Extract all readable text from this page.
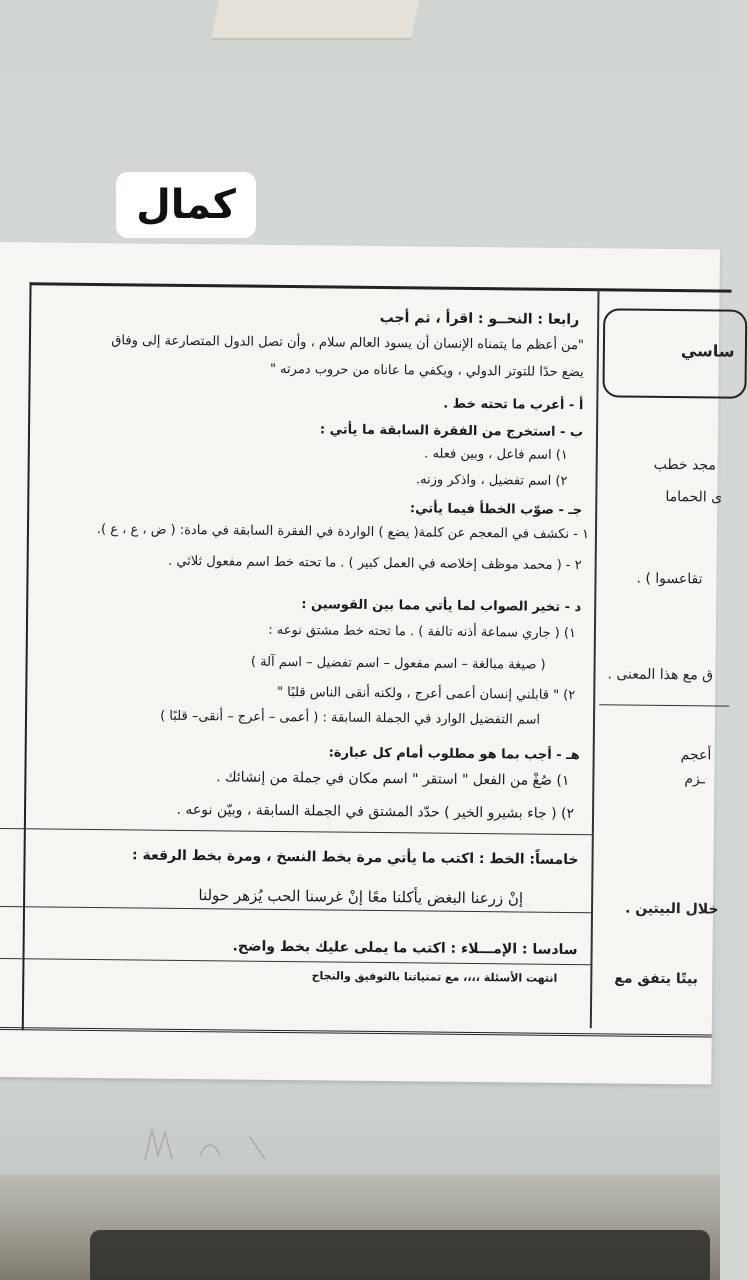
كمال
ساسي
مجد خطب
ى الحماما
تقاعسوا ) .
ق مع هذا المعنى .
أعجم
ـزم
خلال البيتين .
بيتًا يتفق مع
رابعا : النحــو : اقرأ ، ثم أجب
"من أعظم ما يتمناه الإنسان أن يسود العالم سلام ، وأن تصل الدول المتصارعة إلى وفاق
يضع حدًا للتوتر الدولي ، ويكفي ما عاناه من حروب دمرته "
أ - أعرب ما تحته خط .
ب - استخرج من الفقرة السابقة ما يأتي :
١) اسم فاعل ، وبين فعله .
٢) اسم تفضيل ، واذكر وزنه.
جـ - صوّب الخطأ فيما يأتي:
١ - نكشف في المعجم عن كلمة( يضع ) الواردة في الفقرة السابقة في مادة: ( ض ، ع ، ع ).
٢ - ( محمد موظف إخلاصه في العمل كبير ) . ما تحته خط اسم مفعول ثلاثي .
د - تخير الصواب لما يأتي مما بين القوسين :
١) ( جاري سماعة أذنه تالفة ) . ما تحته خط مشتق نوعه :
( صيغة مبالغة – اسم مفعول – اسم تفضيل – اسم آلة )
٢) " قابلني إنسان أعمى أعرج ، ولكنه أنقى الناس قلبًا "
اسم التفضيل الوارد في الجملة السابقة : ( أعمى – أعرج – أنقى– قلبًا )
هـ - أجب بما هو مطلوب أمام كل عبارة:
١) صُغْ من الفعل " استقر " اسم مكان في جملة من إنشائك .
٢) ( جاء بشيرو الخير ) حدّد المشتق في الجملة السابقة ، وبيّن نوعه .
خامساً: الخط : اكتب ما يأتي مرة بخط النسخ ، ومرة بخط الرقعة :
إنْ زرعنا البغض يأكلنا معًا إنْ غرسنا الحب يُزهر حولنا
سادسا : الإمـــلاء : اكتب ما يملى عليك بخط واضح.
انتهت الأسئلة ،،،، مع تمنياتنا بالتوفيق والنجاح
